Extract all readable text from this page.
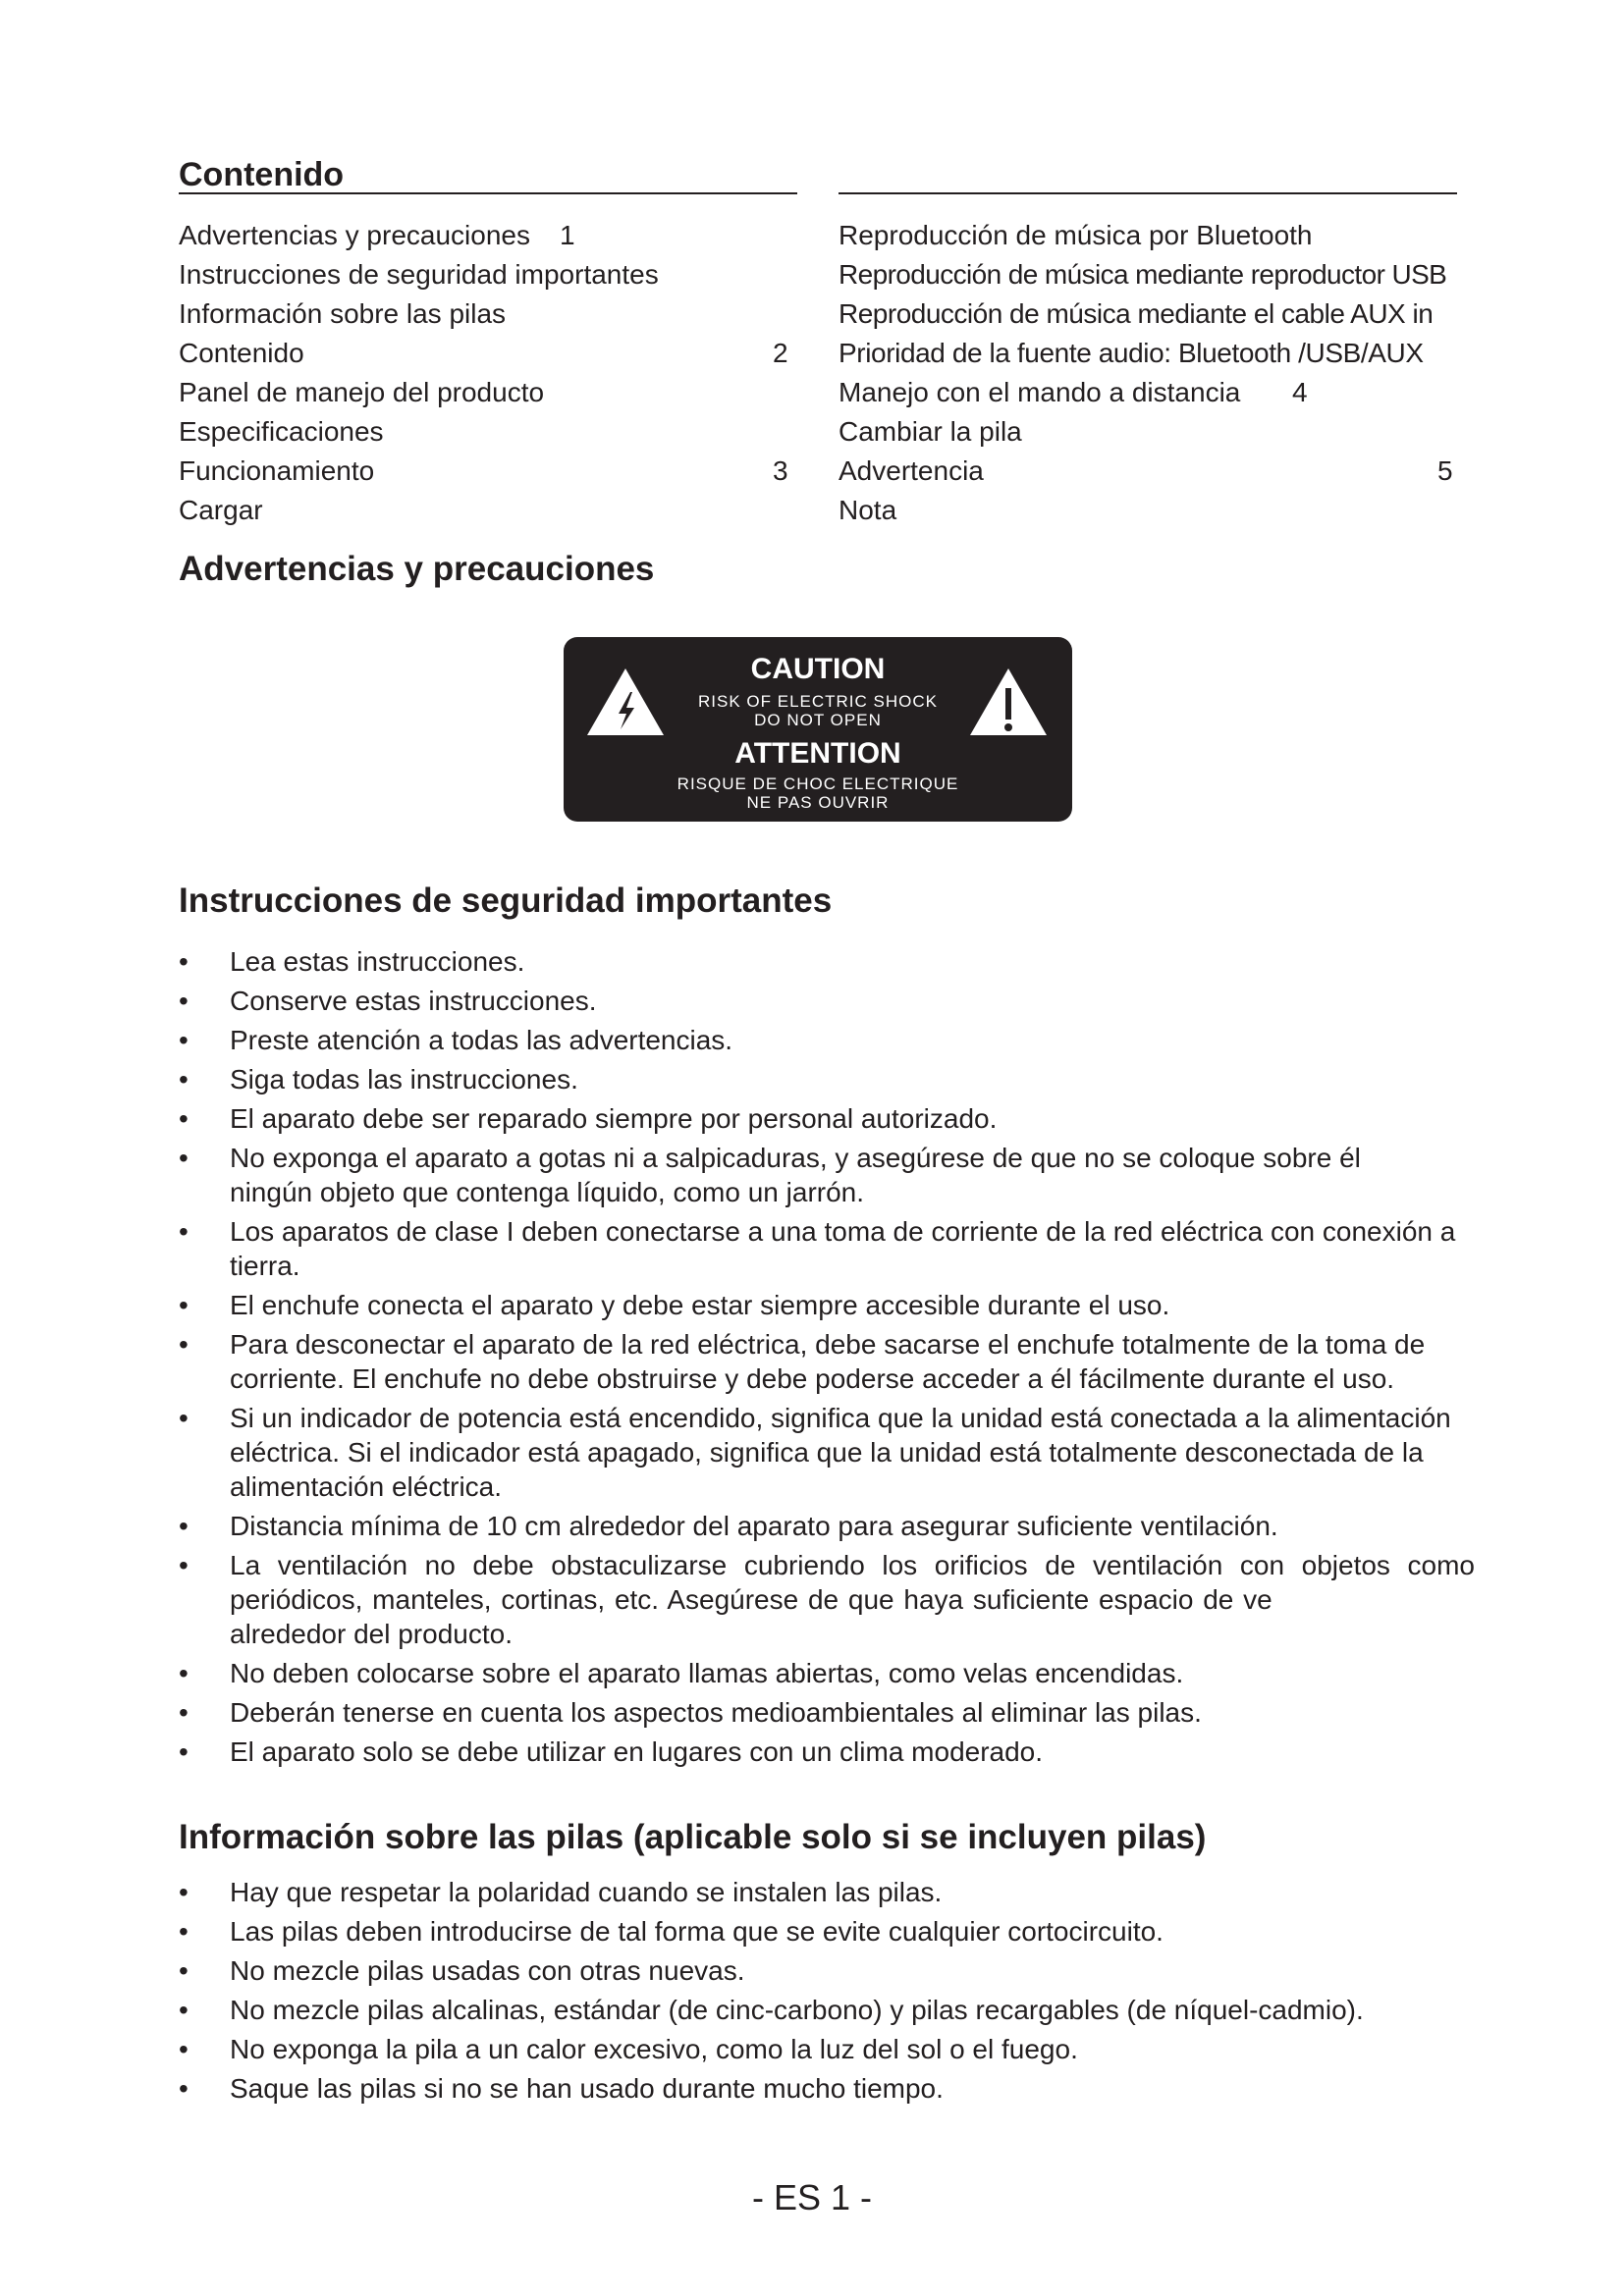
Contenido
Advertencias y precauciones 1
Instrucciones de seguridad importantes
Información sobre las pilas
Contenido	2
Panel de manejo del producto
Especificaciones
Funcionamiento	3
Cargar
Reproducción de música por Bluetooth
Reproducción de música mediante reproductor USB
Reproducción de música mediante el cable AUX in
Prioridad de la fuente audio: Bluetooth /USB/AUX
Manejo con el mando a distancia 4
Cambiar la pila
Advertencia	5
Nota
Advertencias y precauciones
CAUTION
RISK OF ELECTRIC SHOCK
DO NOT OPEN
ATTENTION
RISQUE DE CHOC ELECTRIQUE
NE PAS OUVRIR
Instrucciones de seguridad importantes
•	Lea estas instrucciones.
•	Conserve estas instrucciones.
•	Preste atención a todas las advertencias.
•	Siga todas las instrucciones.
•	El aparato debe ser reparado siempre por personal autorizado.
•	No exponga el aparato a gotas ni a salpicaduras, y asegúrese de que no se coloque sobre él ningún objeto que contenga líquido, como un jarrón.
•	Los aparatos de clase I deben conectarse a una toma de corriente de la red eléctrica con conexión a tierra.
•	El enchufe conecta el aparato y debe estar siempre accesible durante el uso.
•	Para desconectar el aparato de la red eléctrica, debe sacarse el enchufe totalmente de la toma de corriente. El enchufe no debe obstruirse y debe poderse acceder a él fácilmente durante el uso.
•	Si un indicador de potencia está encendido, significa que la unidad está conectada a la alimentación eléctrica. Si el indicador está apagado, significa que la unidad está totalmente desconectada de la alimentación eléctrica.
•	Distancia mínima de 10 cm alrededor del aparato para asegurar suficiente ventilación.
•	La ventilación no debe obstaculizarse cubriendo los orificios de ventilación con objetos como
periódicos, manteles, cortinas, etc. Asegúrese de que haya suficiente espacio de ve
alrededor del producto.
•	No deben colocarse sobre el aparato llamas abiertas, como velas encendidas.
•	Deberán tenerse en cuenta los aspectos medioambientales al eliminar las pilas.
•	El aparato solo se debe utilizar en lugares con un clima moderado.
Información sobre las pilas (aplicable solo si se incluyen pilas)
•	Hay que respetar la polaridad cuando se instalen las pilas.
•	Las pilas deben introducirse de tal forma que se evite cualquier cortocircuito.
•	No mezcle pilas usadas con otras nuevas.
•	No mezcle pilas alcalinas, estándar (de cinc-carbono) y pilas recargables (de níquel-cadmio).
•	No exponga la pila a un calor excesivo, como la luz del sol o el fuego.
•	Saque las pilas si no se han usado durante mucho tiempo.
- ES 1 -
